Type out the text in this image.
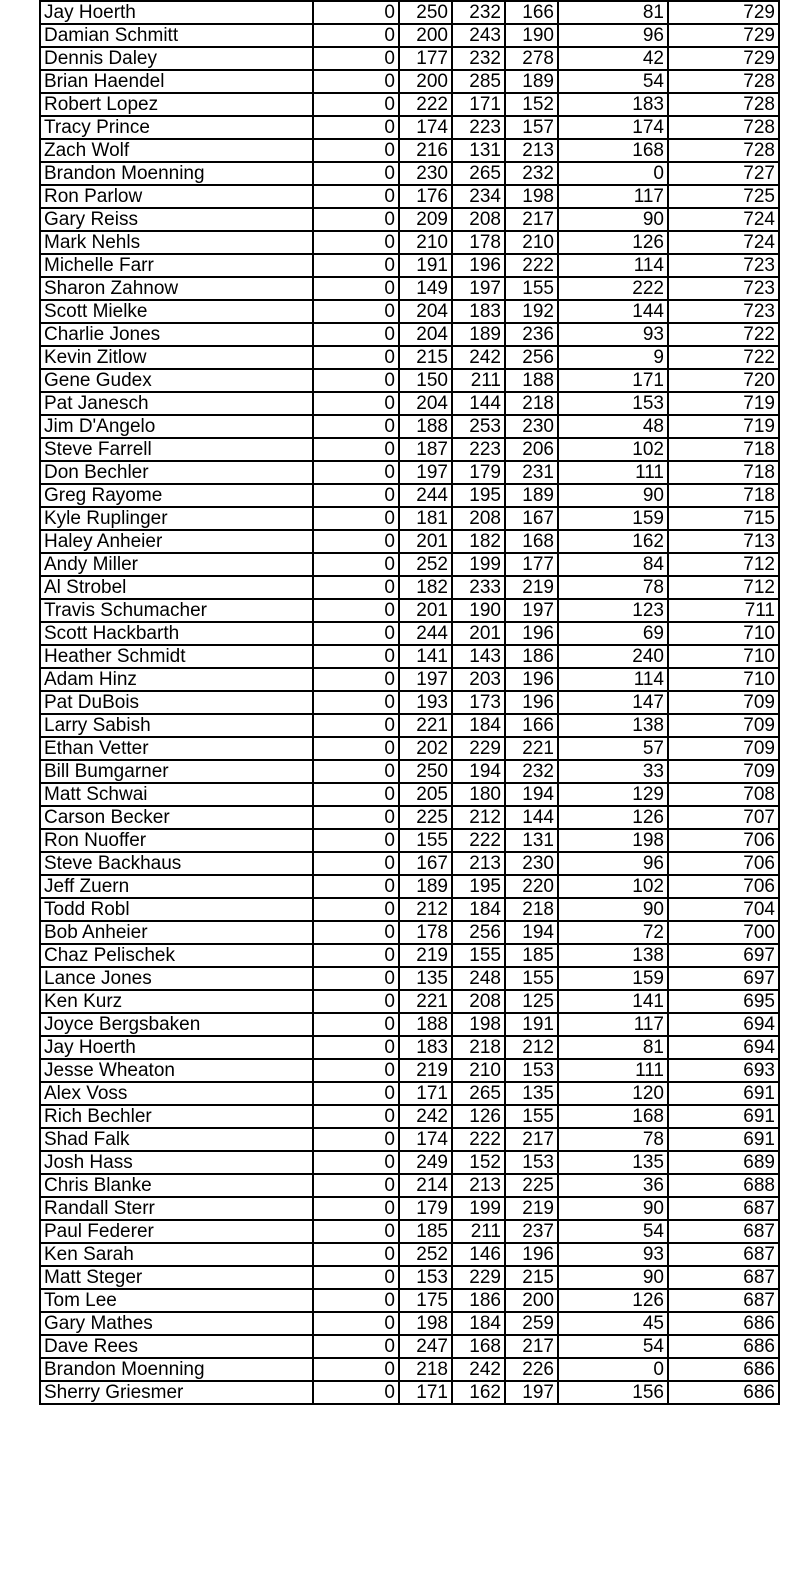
Jay Hoerth	0	250	232	166	81	729
Damian Schmitt	0	200	243	190	96	729
Dennis Daley	0	177	232	278	42	729
Brian Haendel	0	200	285	189	54	728
Robert Lopez	0	222	171	152	183	728
Tracy Prince	0	174	223	157	174	728
Zach Wolf	0	216	131	213	168	728
Brandon Moenning	0	230	265	232	0	727
Ron Parlow	0	176	234	198	117	725
Gary Reiss	0	209	208	217	90	724
Mark Nehls	0	210	178	210	126	724
Michelle Farr	0	191	196	222	114	723
Sharon Zahnow	0	149	197	155	222	723
Scott Mielke	0	204	183	192	144	723
Charlie Jones	0	204	189	236	93	722
Kevin Zitlow	0	215	242	256	9	722
Gene Gudex	0	150	211	188	171	720
Pat Janesch	0	204	144	218	153	719
Jim D'Angelo	0	188	253	230	48	719
Steve Farrell	0	187	223	206	102	718
Don Bechler	0	197	179	231	111	718
Greg Rayome	0	244	195	189	90	718
Kyle Ruplinger	0	181	208	167	159	715
Haley Anheier	0	201	182	168	162	713
Andy Miller	0	252	199	177	84	712
Al Strobel	0	182	233	219	78	712
Travis Schumacher	0	201	190	197	123	711
Scott Hackbarth	0	244	201	196	69	710
Heather Schmidt	0	141	143	186	240	710
Adam Hinz	0	197	203	196	114	710
Pat DuBois	0	193	173	196	147	709
Larry Sabish	0	221	184	166	138	709
Ethan Vetter	0	202	229	221	57	709
Bill Bumgarner	0	250	194	232	33	709
Matt Schwai	0	205	180	194	129	708
Carson Becker	0	225	212	144	126	707
Ron Nuoffer	0	155	222	131	198	706
Steve Backhaus	0	167	213	230	96	706
Jeff Zuern	0	189	195	220	102	706
Todd Robl	0	212	184	218	90	704
Bob Anheier	0	178	256	194	72	700
Chaz Pelischek	0	219	155	185	138	697
Lance Jones	0	135	248	155	159	697
Ken Kurz	0	221	208	125	141	695
Joyce Bergsbaken	0	188	198	191	117	694
Jay Hoerth	0	183	218	212	81	694
Jesse Wheaton	0	219	210	153	111	693
Alex Voss	0	171	265	135	120	691
Rich Bechler	0	242	126	155	168	691
Shad Falk	0	174	222	217	78	691
Josh Hass	0	249	152	153	135	689
Chris Blanke	0	214	213	225	36	688
Randall Sterr	0	179	199	219	90	687
Paul Federer	0	185	211	237	54	687
Ken Sarah	0	252	146	196	93	687
Matt Steger	0	153	229	215	90	687
Tom Lee	0	175	186	200	126	687
Gary Mathes	0	198	184	259	45	686
Dave Rees	0	247	168	217	54	686
Brandon Moenning	0	218	242	226	0	686
Sherry Griesmer	0	171	162	197	156	686
